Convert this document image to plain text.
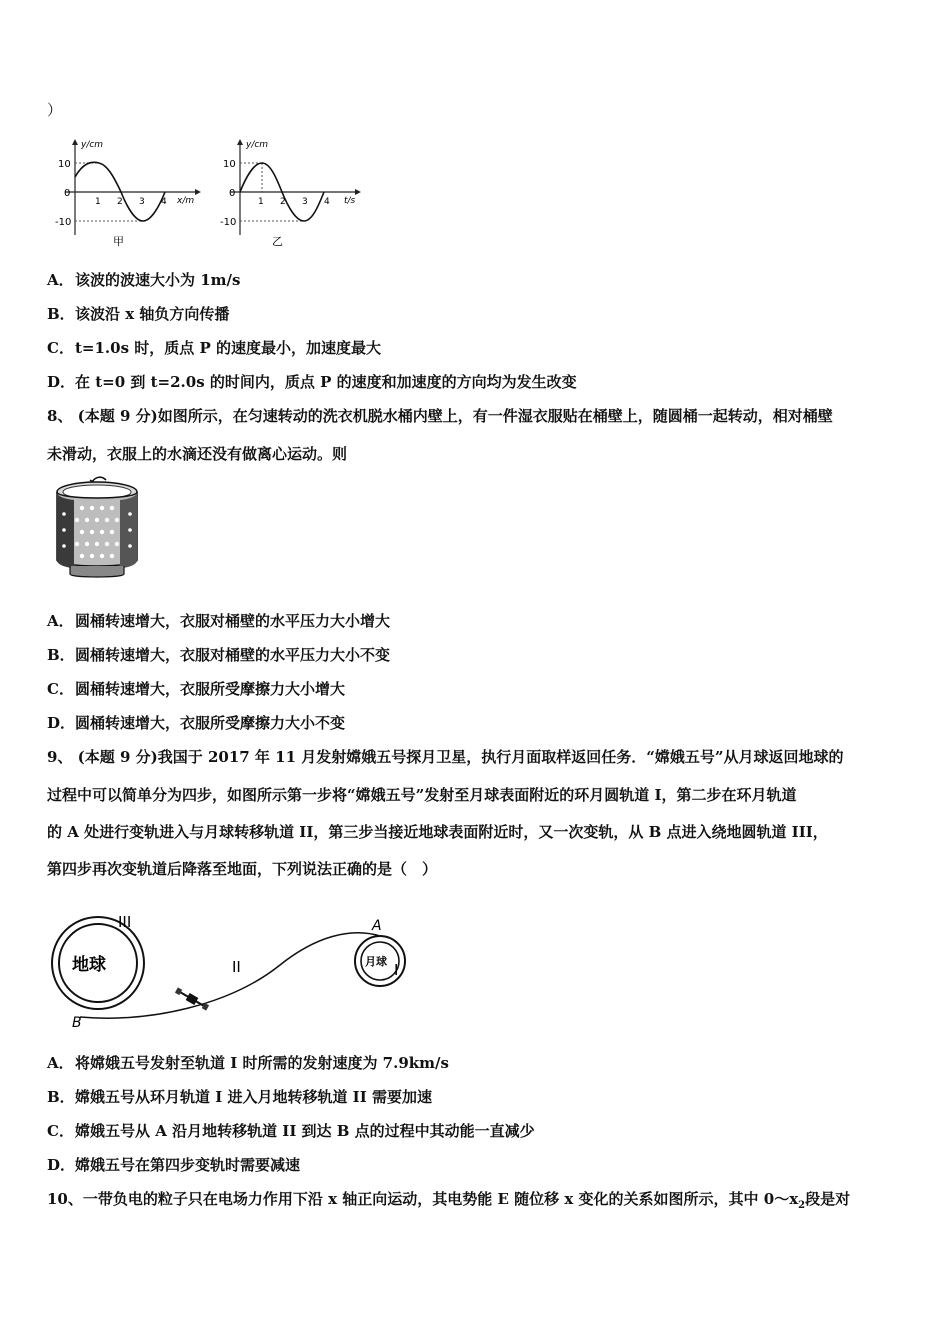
）
y/cm
x/m
10
0
-10
1 2 3 4
甲
y/cm
t/s
10
0
-10
1 2 3 4
乙
A．该波的波速大小为 1m/s
B．该波沿 x 轴负方向传播
C．t=1.0s 时，质点 P 的速度最小，加速度最大
D．在 t=0 到 t=2.0s 的时间内，质点 P 的速度和加速度的方向均为发生改变
8、 (本题 9 分)如图所示，在匀速转动的洗衣机脱水桶内壁上，有一件湿衣服贴在桶壁上，随圆桶一起转动，相对桶壁
未滑动，衣服上的水滴还没有做离心运动。则
A．圆桶转速增大，衣服对桶壁的水平压力大小增大
B．圆桶转速增大，衣服对桶壁的水平压力大小不变
C．圆桶转速增大，衣服所受摩擦力大小增大
D．圆桶转速增大，衣服所受摩擦力大小不变
9、 (本题 9 分)我国于 2017 年 11 月发射嫦娥五号探月卫星，执行月面取样返回任务．“嫦娥五号”从月球返回地球的
过程中可以简单分为四步，如图所示第一步将“嫦娥五号”发射至月球表面附近的环月圆轨道 I，第二步在环月轨道
的 A 处进行变轨进入与月球转移轨道 II，第三步当接近地球表面附近时，又一次变轨，从 B 点进入绕地圆轨道 III，
第四步再次变轨道后降落至地面，下列说法正确的是（　）
地球
III
月球 I
A
II
B
A．将嫦娥五号发射至轨道 I 时所需的发射速度为 7.9km/s
B．嫦娥五号从环月轨道 I 进入月地转移轨道 II 需要加速
C．嫦娥五号从 A 沿月地转移轨道 II 到达 B 点的过程中其动能一直减少
D．嫦娥五号在第四步变轨时需要减速
10、一带负电的粒子只在电场力作用下沿 x 轴正向运动，其电势能 E 随位移 x 变化的关系如图所示，其中 $0\sim x_2$段是对
